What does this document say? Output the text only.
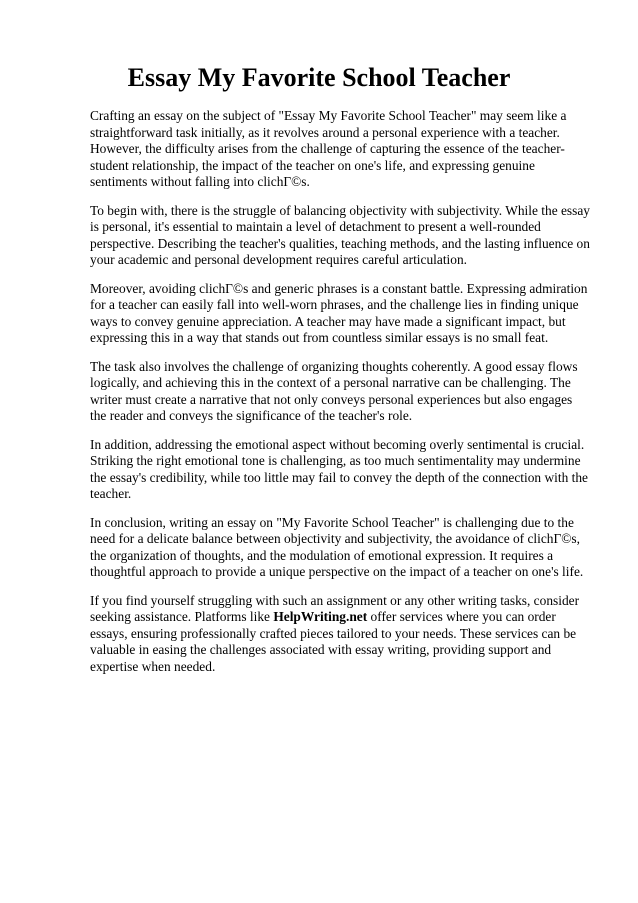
Essay My Favorite School Teacher

Crafting an essay on the subject of "Essay My Favorite School Teacher" may seem like a straightforward task initially, as it revolves around a personal experience with a teacher. However, the difficulty arises from the challenge of capturing the essence of the teacher-student relationship, the impact of the teacher on one's life, and expressing genuine sentiments without falling into clichГ©s.

To begin with, there is the struggle of balancing objectivity with subjectivity. While the essay is personal, it's essential to maintain a level of detachment to present a well-rounded perspective. Describing the teacher's qualities, teaching methods, and the lasting influence on your academic and personal development requires careful articulation.

Moreover, avoiding clichГ©s and generic phrases is a constant battle. Expressing admiration for a teacher can easily fall into well-worn phrases, and the challenge lies in finding unique ways to convey genuine appreciation. A teacher may have made a significant impact, but expressing this in a way that stands out from countless similar essays is no small feat.

The task also involves the challenge of organizing thoughts coherently. A good essay flows logically, and achieving this in the context of a personal narrative can be challenging. The writer must create a narrative that not only conveys personal experiences but also engages the reader and conveys the significance of the teacher's role.

In addition, addressing the emotional aspect without becoming overly sentimental is crucial. Striking the right emotional tone is challenging, as too much sentimentality may undermine the essay's credibility, while too little may fail to convey the depth of the connection with the teacher.

In conclusion, writing an essay on "My Favorite School Teacher" is challenging due to the need for a delicate balance between objectivity and subjectivity, the avoidance of clichГ©s, the organization of thoughts, and the modulation of emotional expression. It requires a thoughtful approach to provide a unique perspective on the impact of a teacher on one's life.

If you find yourself struggling with such an assignment or any other writing tasks, consider seeking assistance. Platforms like HelpWriting.net offer services where you can order essays, ensuring professionally crafted pieces tailored to your needs. These services can be valuable in easing the challenges associated with essay writing, providing support and expertise when needed.
